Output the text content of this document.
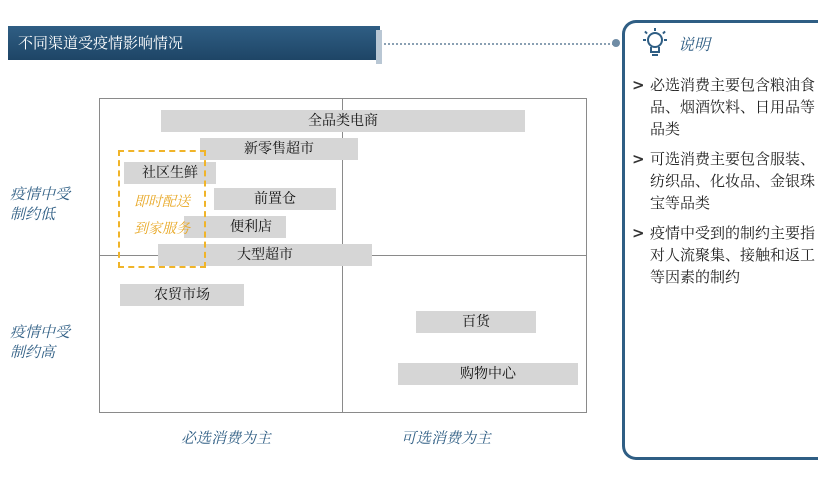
不同渠道受疫情影响情况
疫情中受
制约低
疫情中受
制约高
必选消费为主	可选消费为主
全品类电商
新零售超市
社区生鲜
前置仓
便利店
大型超市
农贸市场
百货
购物中心
即时配送
到家服务
说明
> 必选消费主要包含粮油食品、烟酒饮料、日用品等品类
> 可选消费主要包含服装、纺织品、化妆品、金银珠宝等品类
> 疫情中受到的制约主要指对人流聚集、接触和返工等因素的制约
